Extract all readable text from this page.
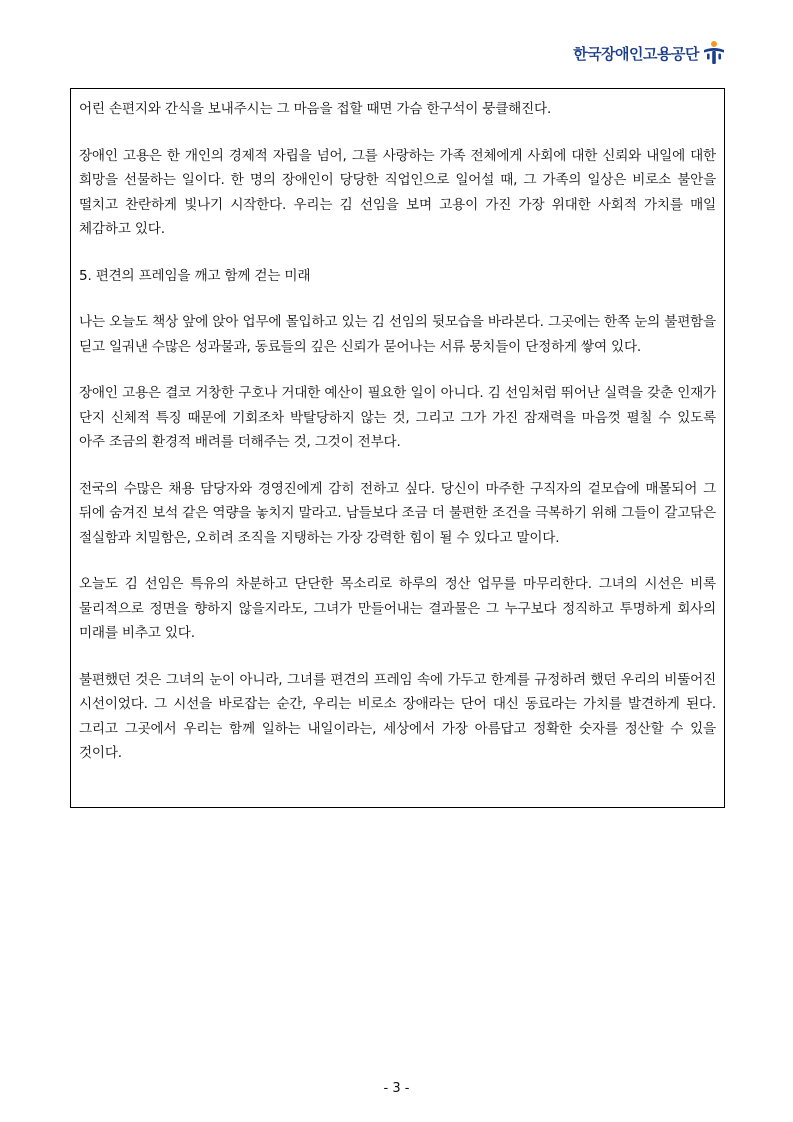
한국장애인고용공단

어린 손편지와 간식을 보내주시는 그 마음을 접할 때면 가슴 한구석이 뭉클해진다.

장애인 고용은 한 개인의 경제적 자립을 넘어, 그를 사랑하는 가족 전체에게 사회에 대한 신뢰와 내일에 대한 희망을 선물하는 일이다. 한 명의 장애인이 당당한 직업인으로 일어설 때, 그 가족의 일상은 비로소 불안을 떨치고 찬란하게 빛나기 시작한다. 우리는 김 선임을 보며 고용이 가진 가장 위대한 사회적 가치를 매일 체감하고 있다.

5. 편견의 프레임을 깨고 함께 걷는 미래

나는 오늘도 책상 앞에 앉아 업무에 몰입하고 있는 김 선임의 뒷모습을 바라본다. 그곳에는 한쪽 눈의 불편함을 딛고 일궈낸 수많은 성과물과, 동료들의 깊은 신뢰가 묻어나는 서류 뭉치들이 단정하게 쌓여 있다.

장애인 고용은 결코 거창한 구호나 거대한 예산이 필요한 일이 아니다. 김 선임처럼 뛰어난 실력을 갖춘 인재가 단지 신체적 특징 때문에 기회조차 박탈당하지 않는 것, 그리고 그가 가진 잠재력을 마음껏 펼칠 수 있도록 아주 조금의 환경적 배려를 더해주는 것, 그것이 전부다.

전국의 수많은 채용 담당자와 경영진에게 감히 전하고 싶다. 당신이 마주한 구직자의 겉모습에 매몰되어 그 뒤에 숨겨진 보석 같은 역량을 놓치지 말라고. 남들보다 조금 더 불편한 조건을 극복하기 위해 그들이 갈고닦은 절실함과 치밀함은, 오히려 조직을 지탱하는 가장 강력한 힘이 될 수 있다고 말이다.

오늘도 김 선임은 특유의 차분하고 단단한 목소리로 하루의 정산 업무를 마무리한다. 그녀의 시선은 비록 물리적으로 정면을 향하지 않을지라도, 그녀가 만들어내는 결과물은 그 누구보다 정직하고 투명하게 회사의 미래를 비추고 있다.

불편했던 것은 그녀의 눈이 아니라, 그녀를 편견의 프레임 속에 가두고 한계를 규정하려 했던 우리의 비뚤어진 시선이었다. 그 시선을 바로잡는 순간, 우리는 비로소 장애라는 단어 대신 동료라는 가치를 발견하게 된다. 그리고 그곳에서 우리는 함께 일하는 내일이라는, 세상에서 가장 아름답고 정확한 숫자를 정산할 수 있을 것이다.

- 3 -
